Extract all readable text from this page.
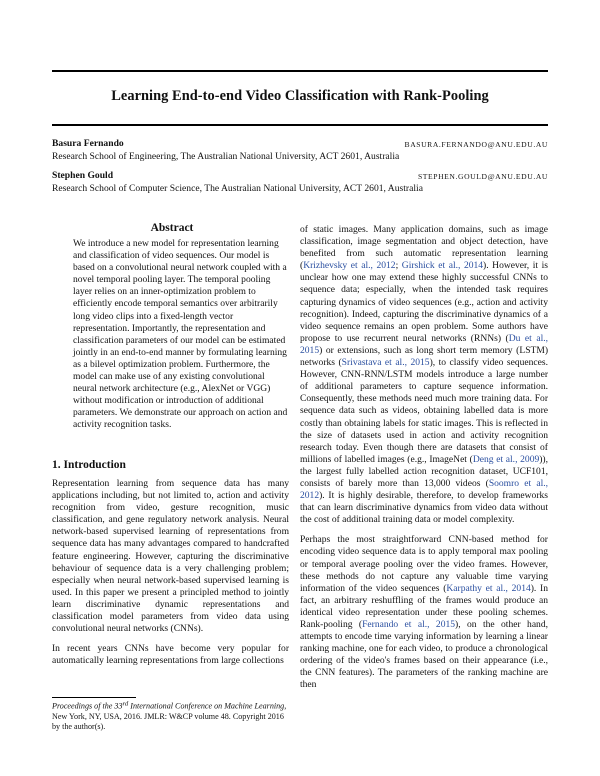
Learning End-to-end Video Classification with Rank-Pooling
Basura Fernando	BASURA.FERNANDO@ANU.EDU.AU
Research School of Engineering, The Australian National University, ACT 2601, Australia
Stephen Gould	STEPHEN.GOULD@ANU.EDU.AU
Research School of Computer Science, The Australian National University, ACT 2601, Australia
Abstract

We introduce a new model for representation learning and classification of video sequences. Our model is based on a convolutional neural network coupled with a novel temporal pooling layer. The temporal pooling layer relies on an inner-optimization problem to efficiently encode temporal semantics over arbitrarily long video clips into a fixed-length vector representation. Importantly, the representation and classification parameters of our model can be estimated jointly in an end-to-end manner by formulating learning as a bilevel optimization problem. Furthermore, the model can make use of any existing convolutional neural network architecture (e.g., AlexNet or VGG) without modification or introduction of additional parameters. We demonstrate our approach on action and activity recognition tasks.

1. Introduction

Representation learning from sequence data has many applications including, but not limited to, action and activity recognition from video, gesture recognition, music classification, and gene regulatory network analysis. Neural network-based supervised learning of representations from sequence data has many advantages compared to handcrafted feature engineering. However, capturing the discriminative behaviour of sequence data is a very challenging problem; especially when neural network-based supervised learning is used. In this paper we present a principled method to jointly learn discriminative dynamic representations and classification model parameters from video data using convolutional neural networks (CNNs).

In recent years CNNs have become very popular for automatically learning representations from large collections

of static images. Many application domains, such as image classification, image segmentation and object detection, have benefited from such automatic representation learning (Krizhevsky et al., 2012; Girshick et al., 2014). However, it is unclear how one may extend these highly successful CNNs to sequence data; especially, when the intended task requires capturing dynamics of video sequences (e.g., action and activity recognition). Indeed, capturing the discriminative dynamics of a video sequence remains an open problem. Some authors have propose to use recurrent neural networks (RNNs) (Du et al., 2015) or extensions, such as long short term memory (LSTM) networks (Srivastava et al., 2015), to classify video sequences. However, CNN-RNN/LSTM models introduce a large number of additional parameters to capture sequence information. Consequently, these methods need much more training data. For sequence data such as videos, obtaining labelled data is more costly than obtaining labels for static images. This is reflected in the size of datasets used in action and activity recognition research today. Even though there are datasets that consist of millions of labelled images (e.g., ImageNet (Deng et al., 2009)), the largest fully labelled action recognition dataset, UCF101, consists of barely more than 13,000 videos (Soomro et al., 2012). It is highly desirable, therefore, to develop frameworks that can learn discriminative dynamics from video data without the cost of additional training data or model complexity.

Perhaps the most straightforward CNN-based method for encoding video sequence data is to apply temporal max pooling or temporal average pooling over the video frames. However, these methods do not capture any valuable time varying information of the video sequences (Karpathy et al., 2014). In fact, an arbitrary reshuffling of the frames would produce an identical video representation under these pooling schemes. Rank-pooling (Fernando et al., 2015), on the other hand, attempts to encode time varying information by learning a linear ranking machine, one for each video, to produce a chronological ordering of the video's frames based on their appearance (i.e., the CNN features). The parameters of the ranking machine are then

Proceedings of the 33rd International Conference on Machine Learning, New York, NY, USA, 2016. JMLR: W&CP volume 48. Copyright 2016 by the author(s).
